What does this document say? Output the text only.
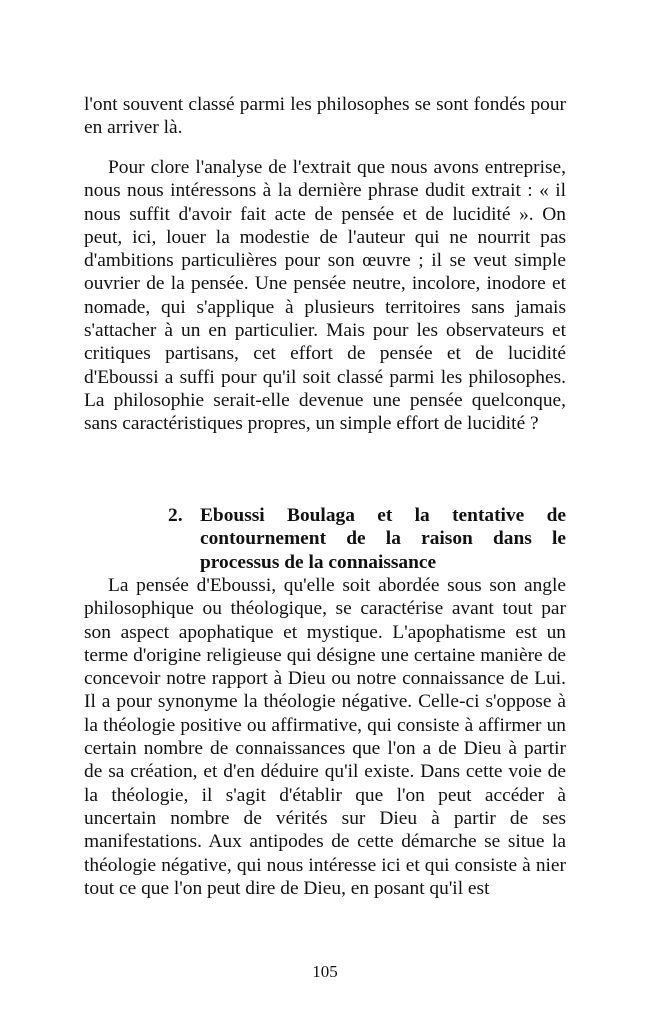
l'ont souvent classé parmi les philosophes se sont fondés pour en arriver là.

Pour clore l'analyse de l'extrait que nous avons entreprise, nous nous intéressons à la dernière phrase dudit extrait : « il nous suffit d'avoir fait acte de pensée et de lucidité ». On peut, ici, louer la modestie de l'auteur qui ne nourrit pas d'ambitions particulières pour son œuvre ; il se veut simple ouvrier de la pensée. Une pensée neutre, incolore, inodore et nomade, qui s'applique à plusieurs territoires sans jamais s'attacher à un en particulier. Mais pour les observateurs et critiques partisans, cet effort de pensée et de lucidité d'Eboussi a suffi pour qu'il soit classé parmi les philosophes. La philosophie serait-elle devenue une pensée quelconque, sans caractéristiques propres, un simple effort de lucidité ?

2. Eboussi Boulaga et la tentative de contournement de la raison dans le processus de la connaissance

La pensée d'Eboussi, qu'elle soit abordée sous son angle philosophique ou théologique, se caractérise avant tout par son aspect apophatique et mystique. L'apophatisme est un terme d'origine religieuse qui désigne une certaine manière de concevoir notre rapport à Dieu ou notre connaissance de Lui. Il a pour synonyme la théologie négative. Celle-ci s'oppose à la théologie positive ou affirmative, qui consiste à affirmer un certain nombre de connaissances que l'on a de Dieu à partir de sa création, et d'en déduire qu'il existe. Dans cette voie de la théologie, il s'agit d'établir que l'on peut accéder à uncertain nombre de vérités sur Dieu à partir de ses manifestations. Aux antipodes de cette démarche se situe la théologie négative, qui nous intéresse ici et qui consiste à nier tout ce que l'on peut dire de Dieu, en posant qu'il est

105
